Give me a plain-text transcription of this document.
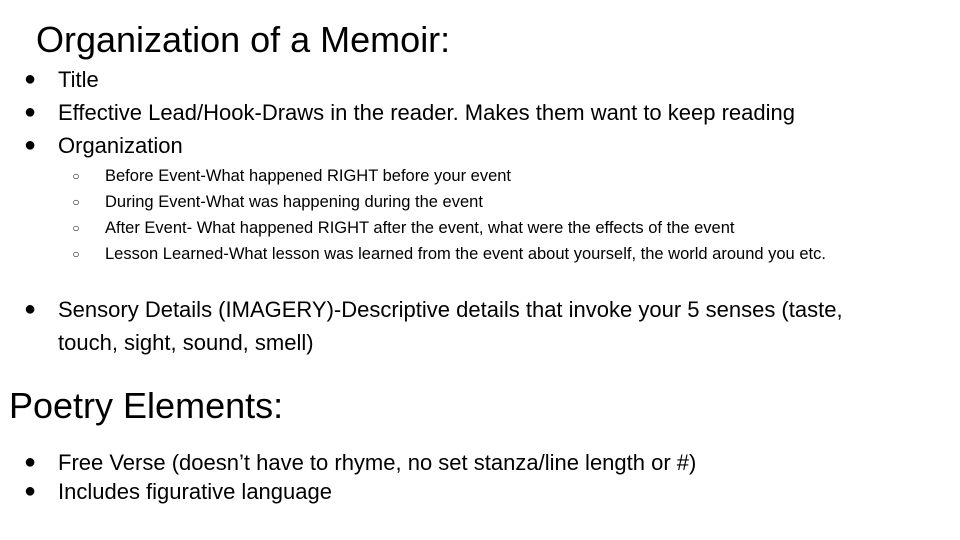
Organization of a Memoir:
● Title
● Effective Lead/Hook-Draws in the reader. Makes them want to keep reading
● Organization
○ Before Event-What happened RIGHT before your event
○ During Event-What was happening during the event
○ After Event- What happened RIGHT after the event, what were the effects of the event
○ Lesson Learned-What lesson was learned from the event about yourself, the world around you etc.
● Sensory Details (IMAGERY)-Descriptive details that invoke your 5 senses (taste, touch, sight, sound, smell)
Poetry Elements:
● Free Verse (doesn’t have to rhyme, no set stanza/line length or #)
● Includes figurative language
